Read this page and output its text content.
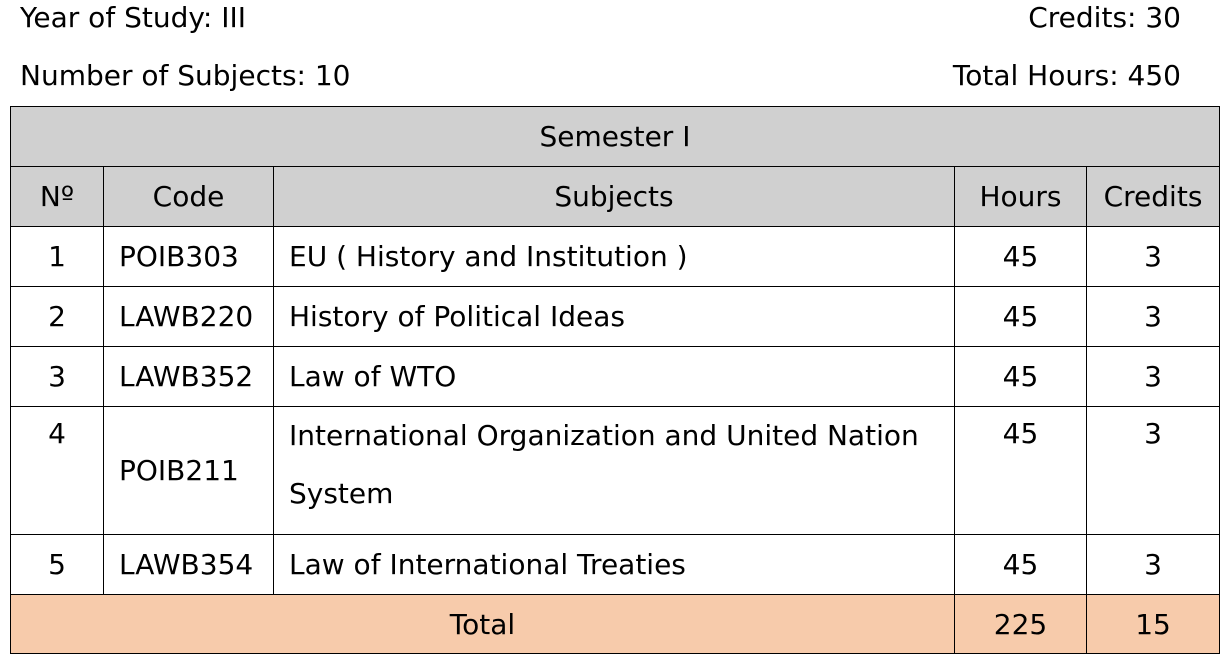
Year of Study: III	Credits: 30
Number of Subjects: 10	Total Hours: 450
Semester I				
Nº	Code	Subjects	Hours	Credits
1	POIB303	EU ( History and Institution )	45	3
2	LAWB220	History of Political Ideas	45	3
3	LAWB352	Law of WTO	45	3
4	POIB211	International Organization and United Nation System	45	3
5	LAWB354	Law of International Treaties	45	3
Total			225	15
